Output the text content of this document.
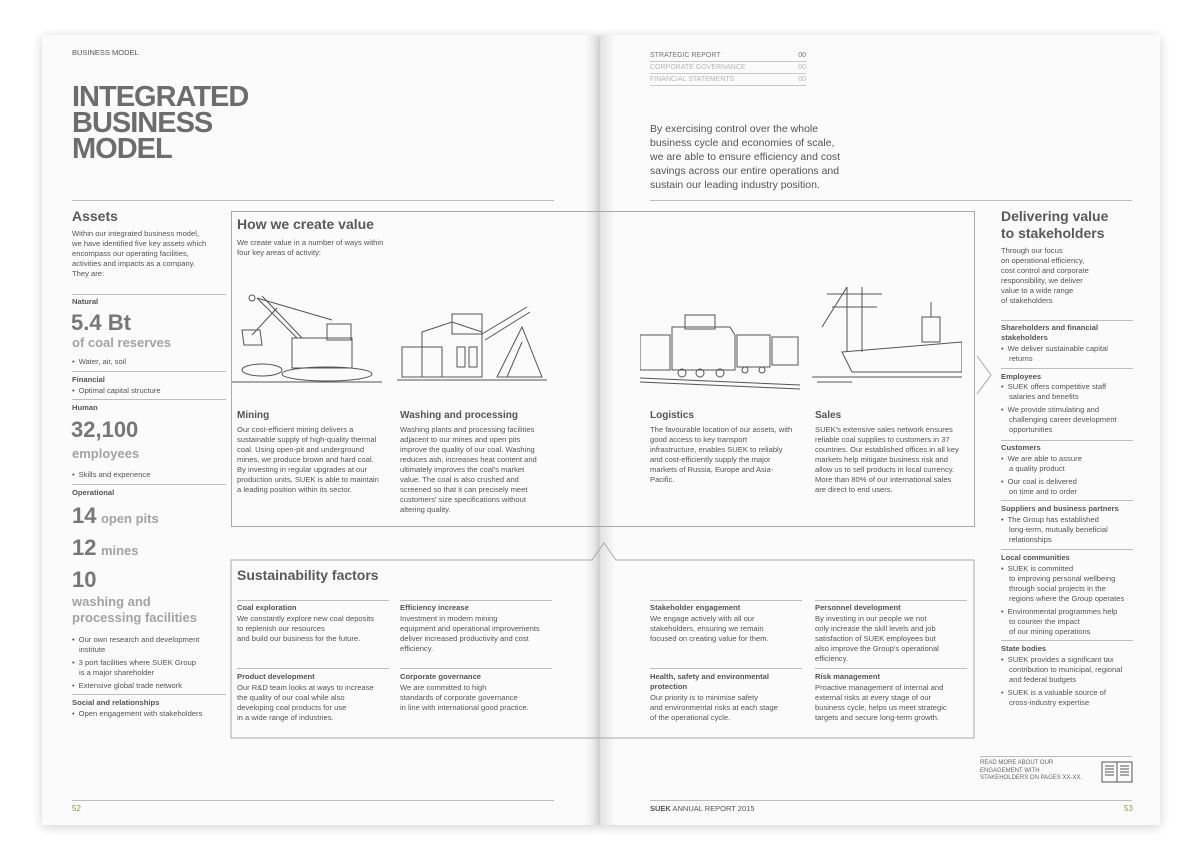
BUSINESS MODEL
INTEGRATED
BUSINESS
MODEL
Assets
Within our integrated business model,
we have identified five key assets which
encompass our operating facilities,
activities and impacts as a company.
They are:
Natural
5.4 Bt
of coal reserves
• Water, air, soil
Financial
• Optimal capital structure
Human
32,100
employees
• Skills and experience
Operational
14 open pits
12 mines
10
washing and
processing facilities
• Our own research and development
institute
• 3 port facilities where SUEK Group
is a major shareholder
• Extensive global trade network
Social and relationships
• Open engagement with stakeholders
How we create value
We create value in a number of ways within
four key areas of activity:
Mining
Our cost-efficient mining delivers a
sustainable supply of high-quality thermal
coal. Using open-pit and underground
mines, we produce brown and hard coal.
By investing in regular upgrades at our
production units, SUEK is able to maintain
a leading position within its sector.
Washing and processing
Washing plants and processing facilities
adjacent to our mines and open pits
improve the quality of our coal. Washing
reduces ash, increases heat content and
ultimately improves the coal's market
value. The coal is also crushed and
screened so that it can precisely meet
customers' size specifications without
altering quality.
Sustainability factors
Coal exploration
We constantly explore new coal deposits
to replenish our resources
and build our business for the future.
Efficiency increase
Investment in modern mining
equipment and operational improvements
deliver increased productivity and cost
efficiency.
Product development
Our R&D team looks at ways to increase
the quality of our coal while also
developing coal products for use
in a wide range of industries.
Corporate governance
We are committed to high
standards of corporate governance
in line with international good practice.
52
STRATEGIC REPORT	00
CORPORATE GOVERNANCE	00
FINANCIAL STATEMENTS	00
By exercising control over the whole
business cycle and economies of scale,
we are able to ensure efficiency and cost
savings across our entire operations and
sustain our leading industry position.
Logistics
The favourable location of our assets, with
good access to key transport
infrastructure, enables SUEK to reliably
and cost-efficiently supply the major
markets of Russia, Europe and Asia-
Pacific.
Sales
SUEK's extensive sales network ensures
reliable coal supplies to customers in 37
countries. Our established offices in all key
markets help mitigate business risk and
allow us to sell products in local currency.
More than 80% of our international sales
are direct to end users.
Stakeholder engagement
We engage actively with all our
stakeholders, ensuring we remain
focused on creating value for them.
Personnel development
By investing in our people we not
only increase the skill levels and job
satisfaction of SUEK employees but
also improve the Group's operational
efficiency.
Health, safety and environmental
protection
Our priority is to minimise safety
and environmental risks at each stage
of the operational cycle.
Risk management
Proactive management of internal and
external risks at every stage of our
business cycle, helps us meet strategic
targets and secure long-term growth.
Delivering value
to stakeholders
Through our focus
on operational efficiency,
cost control and corporate
responsibility, we deliver
value to a wide range
of stakeholders
Shareholders and financial
stakeholders
• We deliver sustainable capital
returns
Employees
• SUEK offers competitive staff
salaries and benefits
• We provide stimulating and
challenging career development
opportunities
Customers
• We are able to assure
a quality product
• Our coal is delivered
on time and to order
Suppliers and business partners
• The Group has established
long-term, mutually beneficial
relationships
Local communities
• SUEK is committed
to improving personal wellbeing
through social projects in the
regions where the Group operates
• Environmental programmes help
to counter the impact
of our mining operations
State bodies
• SUEK provides a significant tax
contribution to municipal, regional
and federal budgets
• SUEK is a valuable source of
cross-industry expertise
READ MORE ABOUT OUR
ENGAGEMENT WITH
STAKEHOLDERS ON PAGES XX-XX.
SUEK ANNUAL REPORT 2015	53
